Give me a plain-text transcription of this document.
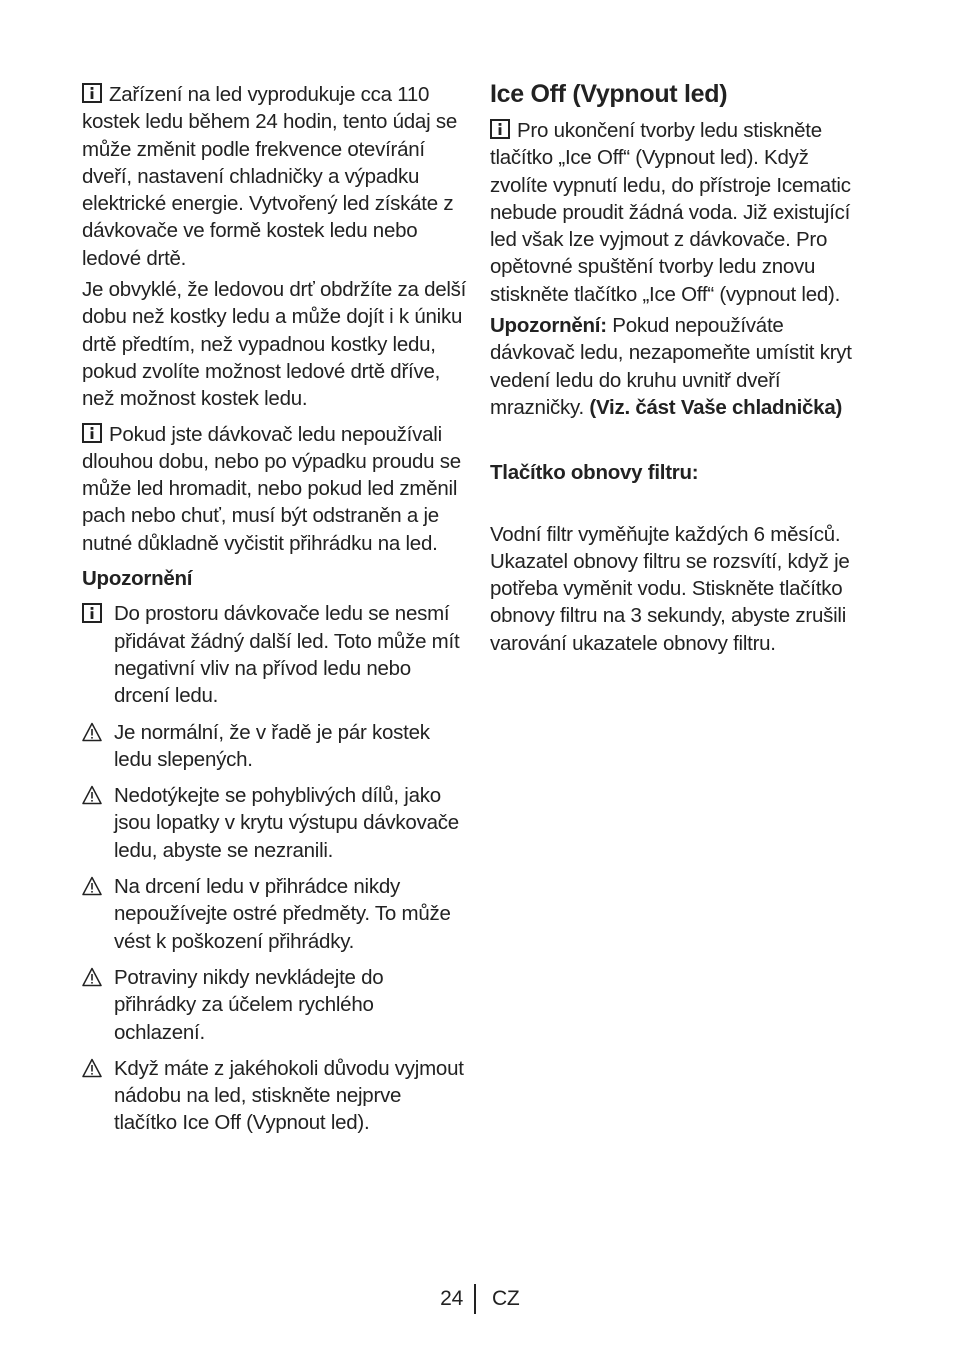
Zařízení na led vyprodukuje cca 110 kostek ledu během 24 hodin, tento údaj se může změnit podle frekvence otevírání dveří, nastavení chladničky a výpadku elektrické energie. Vytvořený led získáte z dávkovače ve formě kostek ledu nebo ledové drtě.

Je obvyklé, že ledovou drť obdržíte za delší dobu než kostky ledu a může dojít i k úniku drtě předtím, než vypadnou kostky ledu, pokud zvolíte možnost ledové drtě dříve, než možnost kostek ledu.

Pokud jste dávkovač ledu nepoužívali dlouhou dobu, nebo po výpadku proudu se může led hromadit, nebo pokud led změnil pach nebo chuť, musí být odstraněn a je nutné důkladně vyčistit přihrádku na led.

Upozornění

Do prostoru dávkovače ledu se nesmí přidávat žádný další led. Toto může mít negativní vliv na přívod ledu nebo drcení ledu.
Je normální, že v řadě je pár kostek ledu slepených.
Nedotýkejte se pohyblivých dílů, jako jsou lopatky v krytu výstupu dávkovače ledu, abyste se nezranili.
Na drcení ledu v přihrádce nikdy nepoužívejte ostré předměty. To může vést k poškození přihrádky.
Potraviny nikdy nevkládejte do přihrádky za účelem rychlého ochlazení.
Když máte z jakéhokoli důvodu vyjmout nádobu na led, stiskněte nejprve tlačítko Ice Off (Vypnout led).
Ice Off (Vypnout led)

Pro ukončení tvorby ledu stiskněte tlačítko „Ice Off“ (Vypnout led). Když zvolíte vypnutí ledu, do přístroje Icematic nebude proudit žádná voda. Již existující led však lze vyjmout z dávkovače. Pro opětovné spuštění tvorby ledu znovu stiskněte tlačítko „Ice Off“ (vypnout led).

Upozornění: Pokud nepoužíváte dávkovač ledu, nezapomeňte umístit kryt vedení ledu do kruhu uvnitř dveří mrazničky. (Viz. část Vaše chladnička)

Tlačítko obnovy filtru:

Vodní filtr vyměňujte každých 6 měsíců. Ukazatel obnovy filtru se rozsvítí, když je potřeba vyměnit vodu. Stiskněte tlačítko obnovy filtru na 3 sekundy, abyste zrušili varování ukazatele obnovy filtru.

24 CZ
